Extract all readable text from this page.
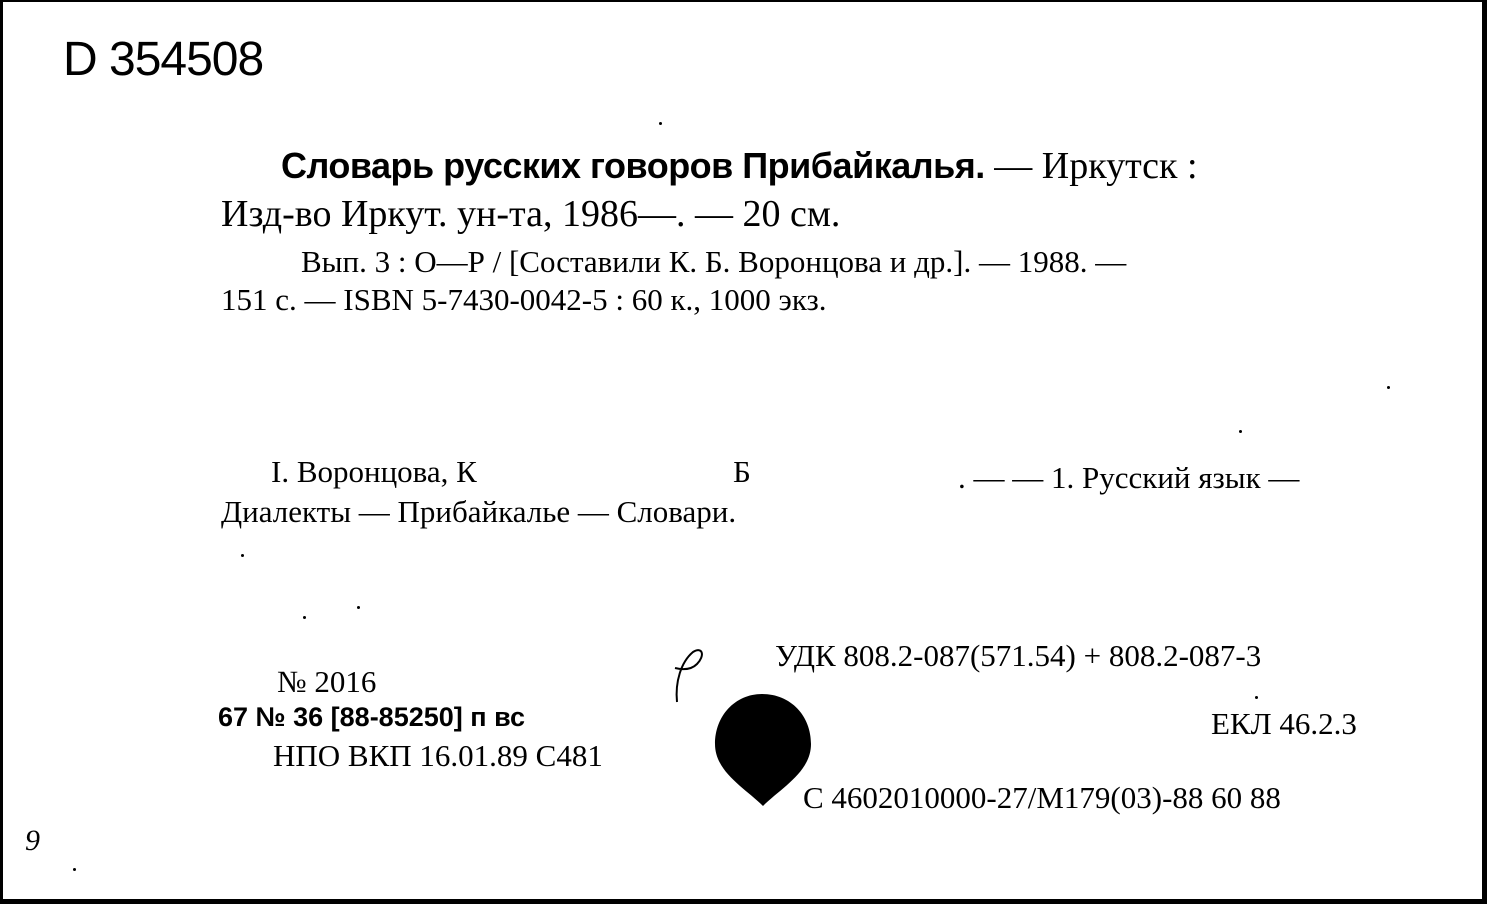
D 354508
Словарь русских говоров Прибайкалья. — Иркутск :
Изд-во Иркут. ун-та, 1986—. — 20 см.
Вып. 3 : О—Р / [Составили К. Б. Воронцова и др.]. — 1988. —
151 с. — ISBN 5-7430-0042-5 : 60 к., 1000 экз.
I. Воронцова, К	Б	. — — 1. Русский язык —
Диалекты — Прибайкалье — Словари.
УДК 808.2-087(571.54) + 808.2-087-3
ЕКЛ 46.2.3
С 4602010000-27/М179(03)-88 60 88
№ 2016
67 № 36 [88-85250] п вс
НПО ВКП 16.01.89 С481
9
